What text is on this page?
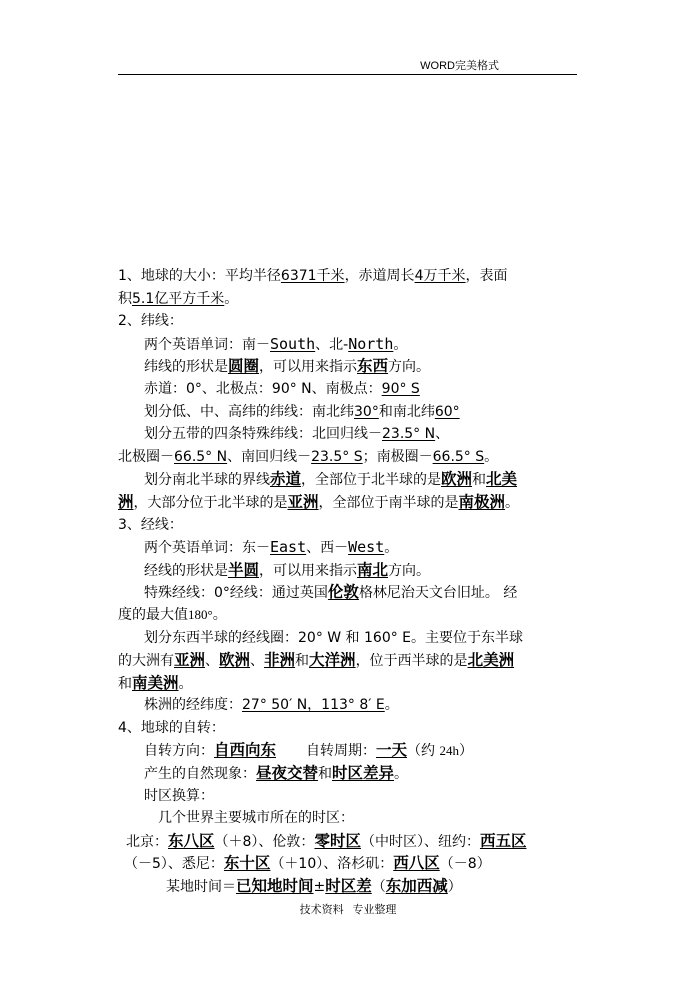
WORD完美格式
1、地球的大小：平均半径6371千米，赤道周长4万千米，表面
积5.1亿平方千米。
2、纬线：
两个英语单词：南－South、北-North。
纬线的形状是圆圈，可以用来指示东西方向。
赤道：0°、北极点：90° N、南极点：90° S
划分低、中、高纬的纬线：南北纬30°和南北纬60°
划分五带的四条特殊纬线：北回归线－23.5° N、
北极圈－66.5° N、南回归线－23.5° S；南极圈－66.5° S。
划分南北半球的界线赤道，全部位于北半球的是欧洲和北美
洲，大部分位于北半球的是亚洲，全部位于南半球的是南极洲。
3、经线：
两个英语单词：东－East、西－West。
经线的形状是半圆，可以用来指示南北方向。
特殊经线：0°经线：通过英国伦敦格林尼治天文台旧址。 经
度的最大值180°。
划分东西半球的经线圈：20° W 和 160° E。主要位于东半球
的大洲有亚洲、欧洲、非洲和大洋洲，位于西半球的是北美洲
和南美洲。
株洲的经纬度：27° 50′ N，113° 8′ E。
4、地球的自转：
自转方向：自西向东 自转周期：一天（约 24h）
产生的自然现象：昼夜交替和时区差异。
时区换算：
几个世界主要城市所在的时区：
北京：东八区（＋8）、伦敦：零时区（中时区）、纽约：西五区
（－5）、悉尼：东十区（＋10）、洛杉矶：西八区（－8）
某地时间＝已知地时间±时区差（东加西减）
技术资料 专业整理
